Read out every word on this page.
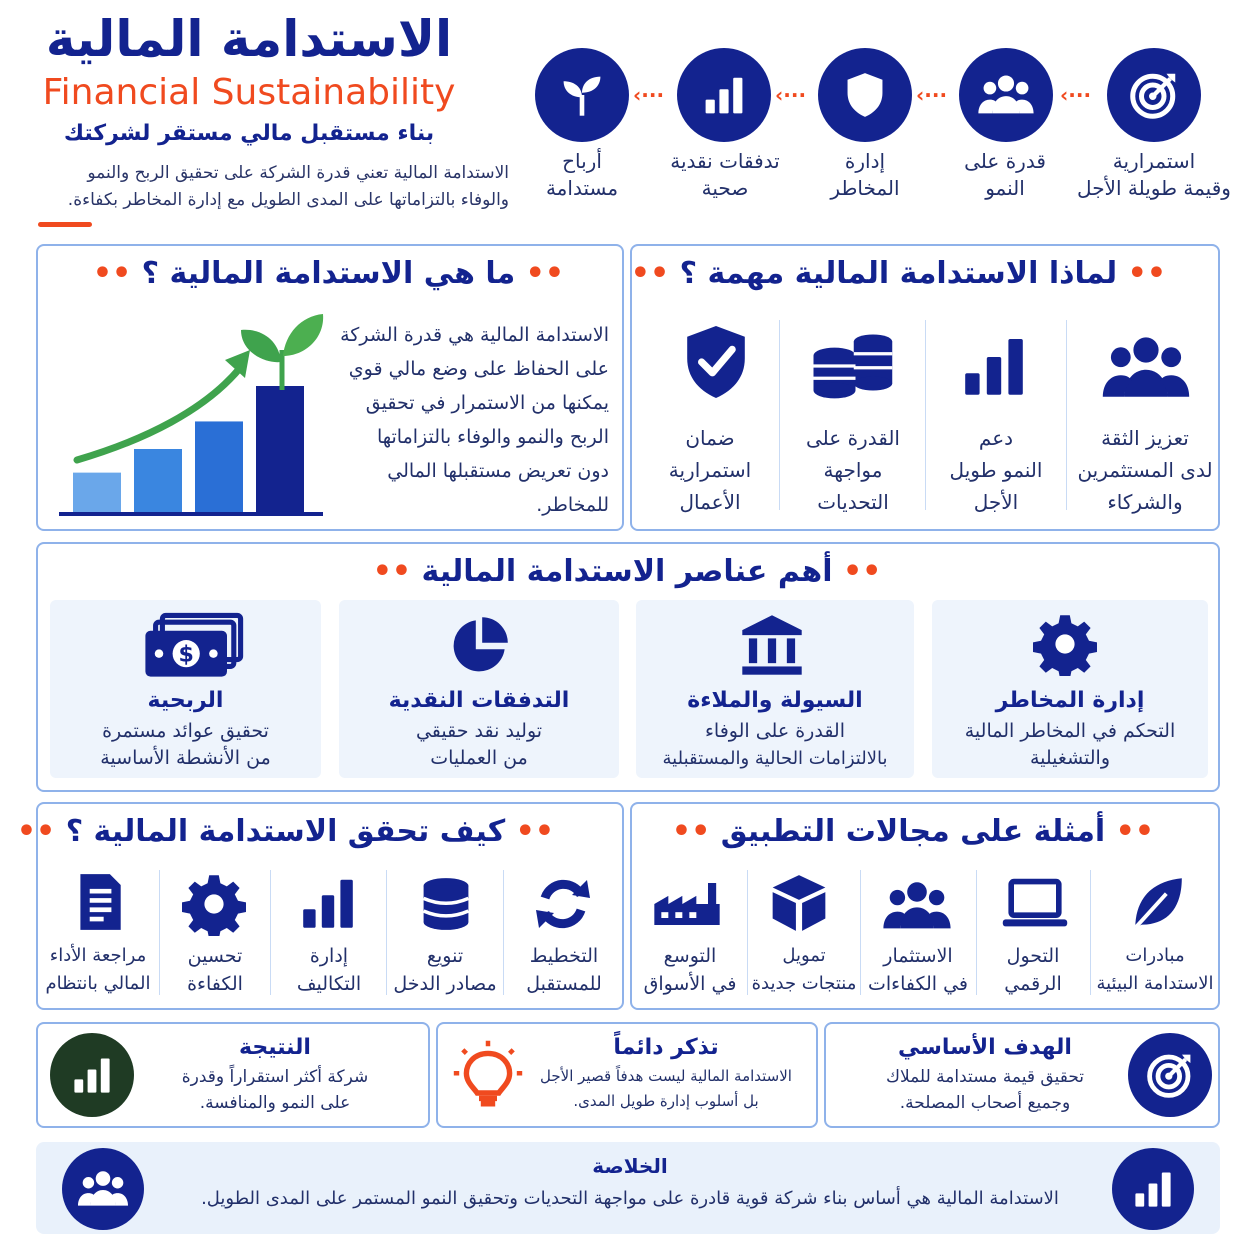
الاستدامة المالية
Financial Sustainability
بناء مستقبل مالي مستقر لشركتك
الاستدامة المالية تعني قدرة الشركة على تحقيق الربح والنمو
والوفاء بالتزاماتها على المدى الطويل مع إدارة المخاطر بكفاءة.
···›	···›	···›	···›
أرباح
مستدامة
تدفقات نقدية
صحية
إدارة
المخاطر
قدرة على
النمو
استمرارية
وقيمة طويلة الأجل
•• ما هي الاستدامة المالية ؟ ••
الاستدامة المالية هي قدرة الشركة
على الحفاظ على وضع مالي قوي
يمكنها من الاستمرار في تحقيق
الربح والنمو والوفاء بالتزاماتها
دون تعريض مستقبلها المالي
للمخاطر.
•• لماذا الاستدامة المالية مهمة ؟ ••
تعزيز الثقة
لدى المستثمرين
والشركاء
دعم
النمو طويل
الأجل
القدرة على
مواجهة
التحديات
ضمان
استمرارية
الأعمال
•• أهم عناصر الاستدامة المالية ••
إدارة المخاطر
التحكم في المخاطر المالية
والتشغيلية
السيولة والملاءة
القدرة على الوفاء
بالالتزامات الحالية والمستقبلية
التدفقات النقدية
توليد نقد حقيقي
من العمليات
الربحية
تحقيق عوائد مستمرة
من الأنشطة الأساسية
•• كيف تحقق الاستدامة المالية ؟ ••
التخطيط
للمستقبل
تنويع
مصادر الدخل
إدارة
التكاليف
تحسين
الكفاءة
مراجعة الأداء
المالي بانتظام
•• أمثلة على مجالات التطبيق ••
مبادرات
الاستدامة البيئية
التحول
الرقمي
الاستثمار
في الكفاءات
تمويل
منتجات جديدة
التوسع
في الأسواق
الهدف الأساسي
تحقيق قيمة مستدامة للملاك
وجميع أصحاب المصلحة.
تذكر دائماً
الاستدامة المالية ليست هدفاً قصير الأجل
بل أسلوب إدارة طويل المدى.
النتيجة
شركة أكثر استقراراً وقدرة
على النمو والمنافسة.
الخلاصة
الاستدامة المالية هي أساس بناء شركة قوية قادرة على مواجهة التحديات وتحقيق النمو المستمر على المدى الطويل.
